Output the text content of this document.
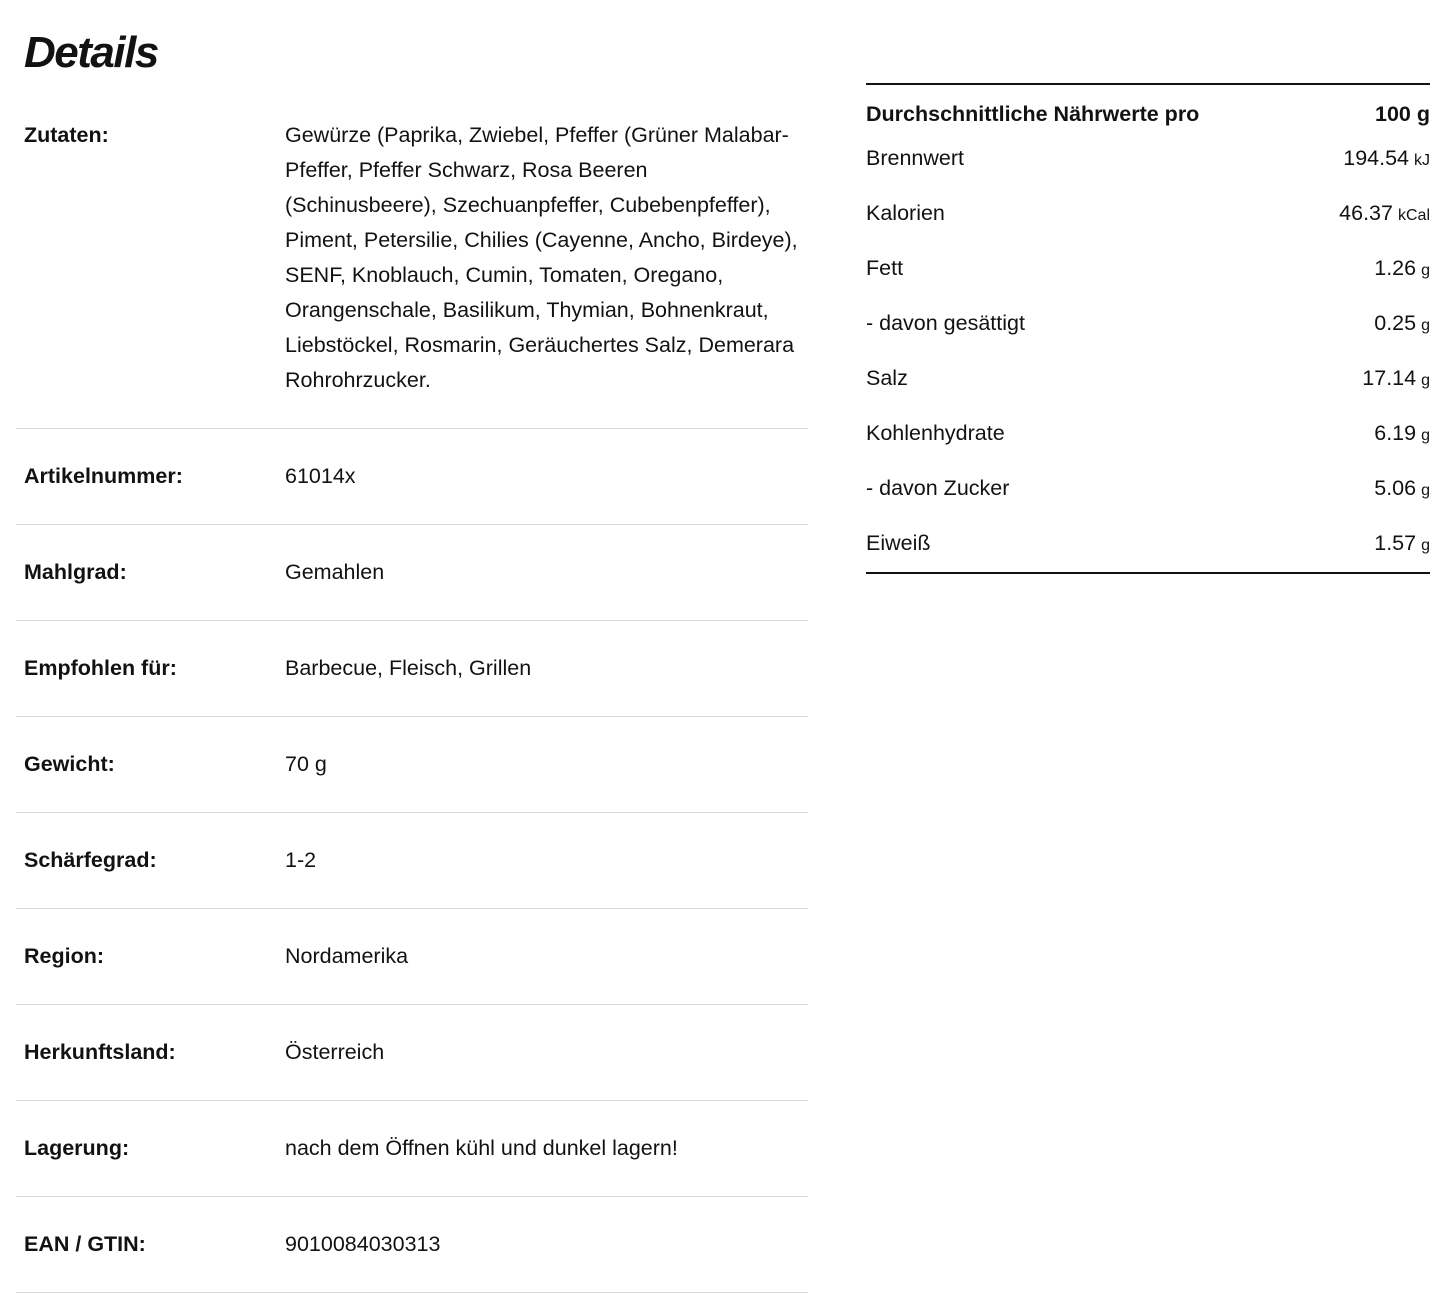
Details
Zutaten:	Gewürze (Paprika, Zwiebel, Pfeffer (Grüner Malabar-Pfeffer, Pfeffer Schwarz, Rosa Beeren (Schinusbeere), Szechuanpfeffer, Cubebenpfeffer), Piment, Petersilie, Chilies (Cayenne, Ancho, Birdeye), SENF, Knoblauch, Cumin, Tomaten, Oregano, Orangenschale, Basilikum, Thymian, Bohnenkraut, Liebstöckel, Rosmarin, Geräuchertes Salz, Demerara Rohrohrzucker.
Artikelnummer:	61014x
Mahlgrad:	Gemahlen
Empfohlen für:	Barbecue, Fleisch, Grillen
Gewicht:	70 g
Schärfegrad:	1-2
Region:	Nordamerika
Herkunftsland:	Österreich
Lagerung:	nach dem Öffnen kühl und dunkel lagern!
EAN / GTIN:	9010084030313
Durchschnittliche Nährwerte pro	100 g
Brennwert	194.54 kJ
Kalorien	46.37 kCal
Fett	1.26 g
- davon gesättigt	0.25 g
Salz	17.14 g
Kohlenhydrate	6.19 g
- davon Zucker	5.06 g
Eiweiß	1.57 g
